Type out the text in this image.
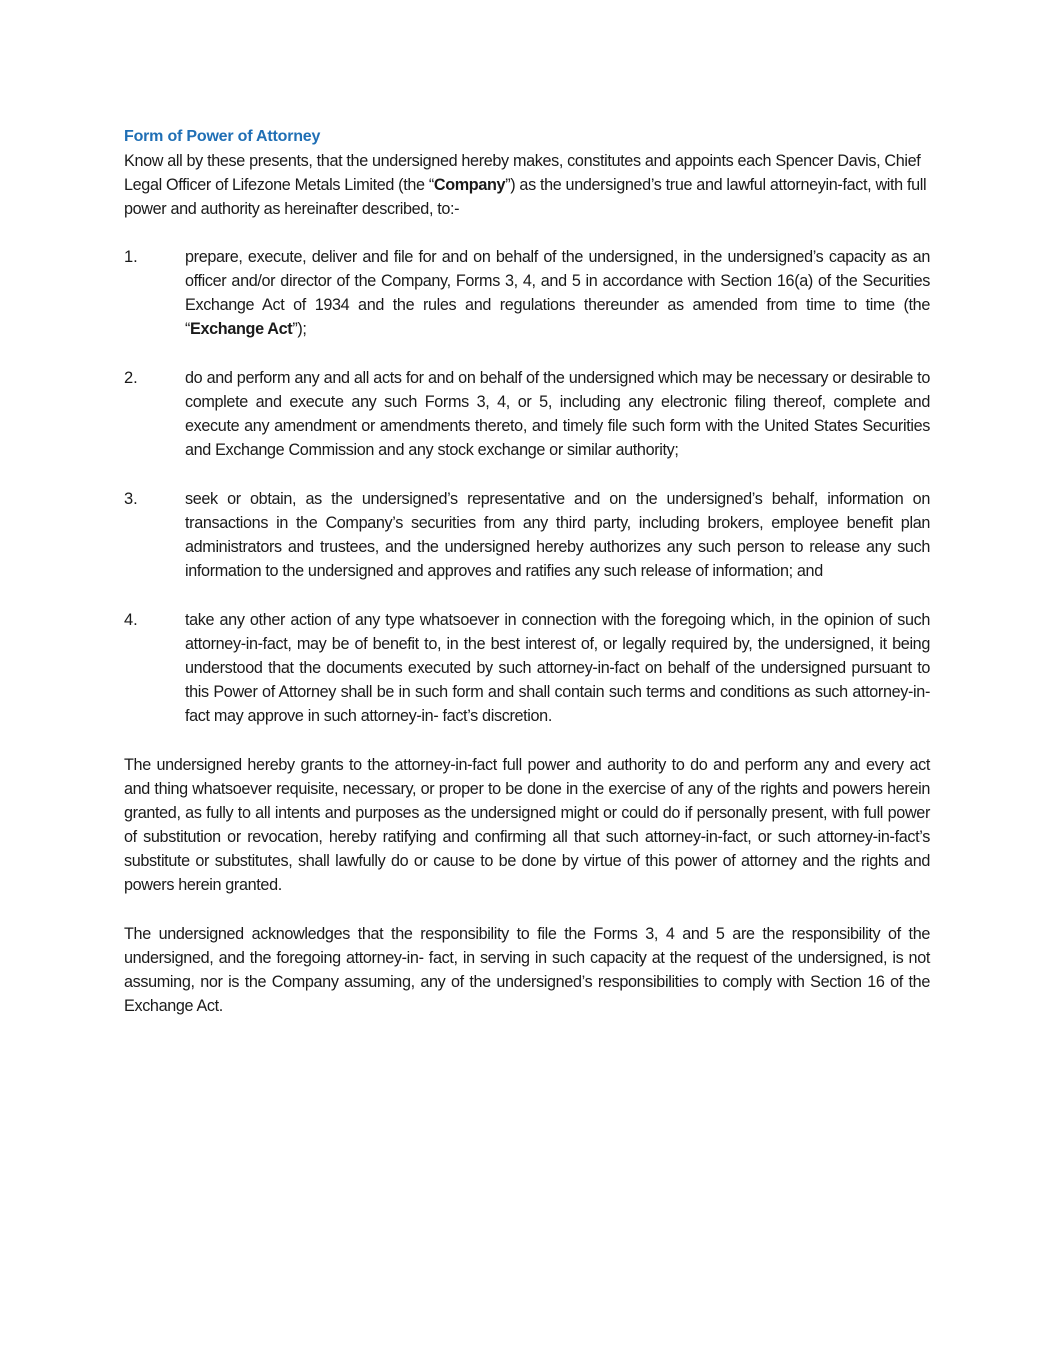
Form of Power of Attorney

Know all by these presents, that the undersigned hereby makes, constitutes and appoints each Spencer Davis, Chief Legal Officer of Lifezone Metals Limited (the “Company”) as the undersigned’s true and lawful attorneyin-fact, with full power and authority as hereinafter described, to:-

1.	prepare, execute, deliver and file for and on behalf of the undersigned, in the undersigned’s capacity as an officer and/or director of the Company, Forms 3, 4, and 5 in accordance with Section 16(a) of the Securities Exchange Act of 1934 and the rules and regulations thereunder as amended from time to time (the “Exchange Act”);

2.	do and perform any and all acts for and on behalf of the undersigned which may be necessary or desirable to complete and execute any such Forms 3, 4, or 5, including any electronic filing thereof, complete and execute any amendment or amendments thereto, and timely file such form with the United States Securities and Exchange Commission and any stock exchange or similar authority;

3.	seek or obtain, as the undersigned’s representative and on the undersigned’s behalf, information on transactions in the Company’s securities from any third party, including brokers, employee benefit plan administrators and trustees, and the undersigned hereby authorizes any such person to release any such information to the undersigned and approves and ratifies any such release of information; and

4.	take any other action of any type whatsoever in connection with the foregoing which, in the opinion of such attorney-in-fact, may be of benefit to, in the best interest of, or legally required by, the undersigned, it being understood that the documents executed by such attorney-in-fact on behalf of the undersigned pursuant to this Power of Attorney shall be in such form and shall contain such terms and conditions as such attorney-in-fact may approve in such attorney-in- fact’s discretion.

The undersigned hereby grants to the attorney-in-fact full power and authority to do and perform any and every act and thing whatsoever requisite, necessary, or proper to be done in the exercise of any of the rights and powers herein granted, as fully to all intents and purposes as the undersigned might or could do if personally present, with full power of substitution or revocation, hereby ratifying and confirming all that such attorney-in-fact, or such attorney-in-fact’s substitute or substitutes, shall lawfully do or cause to be done by virtue of this power of attorney and the rights and powers herein granted.

The undersigned acknowledges that the responsibility to file the Forms 3, 4 and 5 are the responsibility of the undersigned, and the foregoing attorney-in- fact, in serving in such capacity at the request of the undersigned, is not assuming, nor is the Company assuming, any of the undersigned’s responsibilities to comply with Section 16 of the Exchange Act.
